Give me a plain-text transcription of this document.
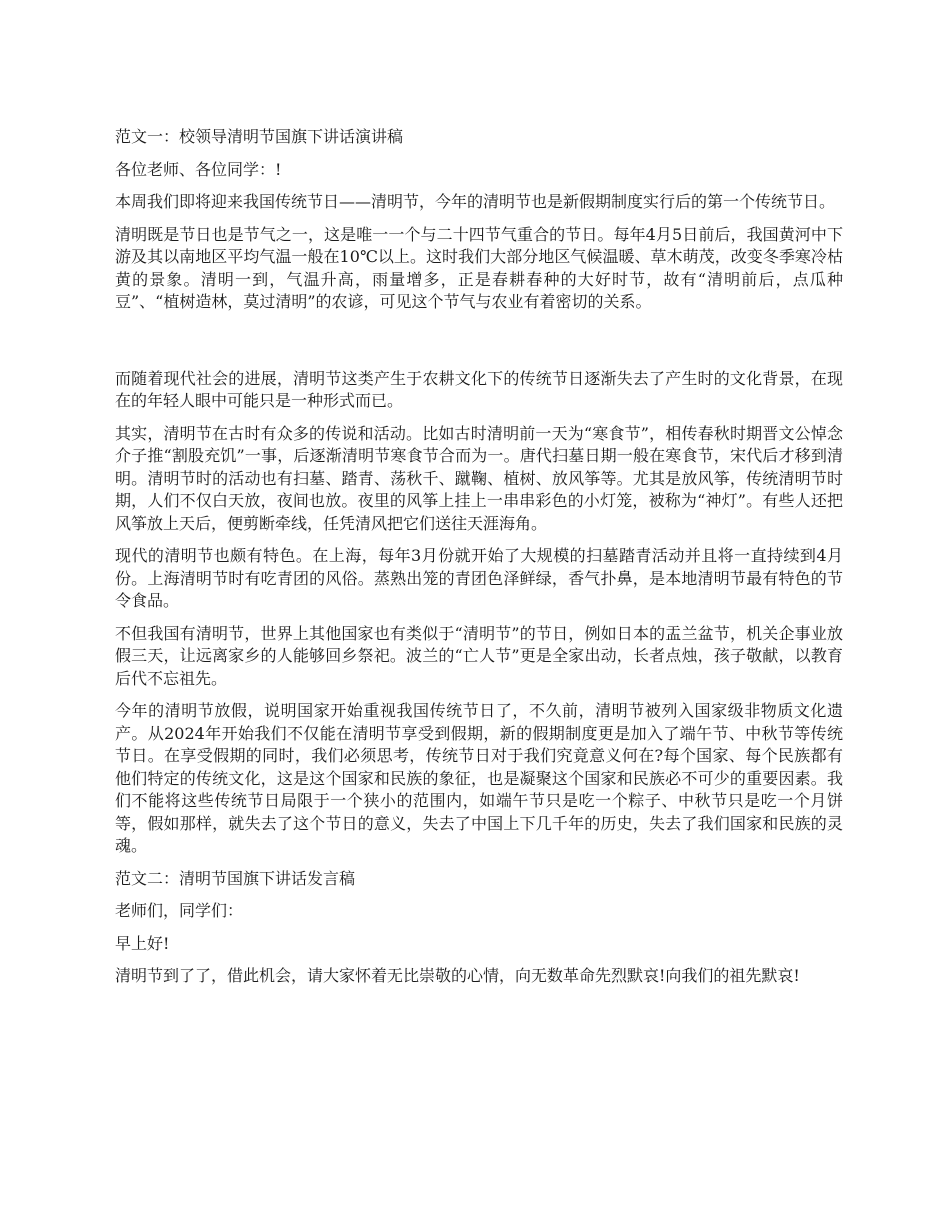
范文一：校领导清明节国旗下讲话演讲稿

各位老师、各位同学：!

本周我们即将迎来我国传统节日——清明节，今年的清明节也是新假期制度实行后的第一个传统节日。

清明既是节日也是节气之一，这是唯一一个与二十四节气重合的节日。每年4月5日前后，我国黄河中下游及其以南地区平均气温一般在10℃以上。这时我们大部分地区气候温暖、草木萌茂，改变冬季寒冷枯黄的景象。清明一到，气温升高，雨量增多，正是春耕春种的大好时节，故有“清明前后，点瓜种豆”、“植树造林，莫过清明”的农谚，可见这个节气与农业有着密切的关系。

而随着现代社会的进展，清明节这类产生于农耕文化下的传统节日逐渐失去了产生时的文化背景，在现在的年轻人眼中可能只是一种形式而已。

其实，清明节在古时有众多的传说和活动。比如古时清明前一天为“寒食节”，相传春秋时期晋文公悼念介子推“割股充饥”一事，后逐渐清明节寒食节合而为一。唐代扫墓日期一般在寒食节，宋代后才移到清明。清明节时的活动也有扫墓、踏青、荡秋千、蹴鞠、植树、放风筝等。尤其是放风筝，传统清明节时期，人们不仅白天放，夜间也放。夜里的风筝上挂上一串串彩色的小灯笼，被称为“神灯”。有些人还把风筝放上天后，便剪断牵线，任凭清风把它们送往天涯海角。

现代的清明节也颇有特色。在上海，每年3月份就开始了大规模的扫墓踏青活动并且将一直持续到4月份。上海清明节时有吃青团的风俗。蒸熟出笼的青团色泽鲜绿，香气扑鼻，是本地清明节最有特色的节令食品。

不但我国有清明节，世界上其他国家也有类似于“清明节”的节日，例如日本的盂兰盆节，机关企事业放假三天，让远离家乡的人能够回乡祭祀。波兰的“亡人节”更是全家出动，长者点烛，孩子敬献，以教育后代不忘祖先。

今年的清明节放假，说明国家开始重视我国传统节日了，不久前，清明节被列入国家级非物质文化遗产。从2024年开始我们不仅能在清明节享受到假期，新的假期制度更是加入了端午节、中秋节等传统节日。在享受假期的同时，我们必须思考，传统节日对于我们究竟意义何在?每个国家、每个民族都有他们特定的传统文化，这是这个国家和民族的象征，也是凝聚这个国家和民族必不可少的重要因素。我们不能将这些传统节日局限于一个狭小的范围内，如端午节只是吃一个粽子、中秋节只是吃一个月饼等，假如那样，就失去了这个节日的意义，失去了中国上下几千年的历史，失去了我们国家和民族的灵魂。

范文二：清明节国旗下讲话发言稿

老师们，同学们：

早上好!

清明节到了了，借此机会，请大家怀着无比崇敬的心情，向无数革命先烈默哀!向我们的祖先默哀!
